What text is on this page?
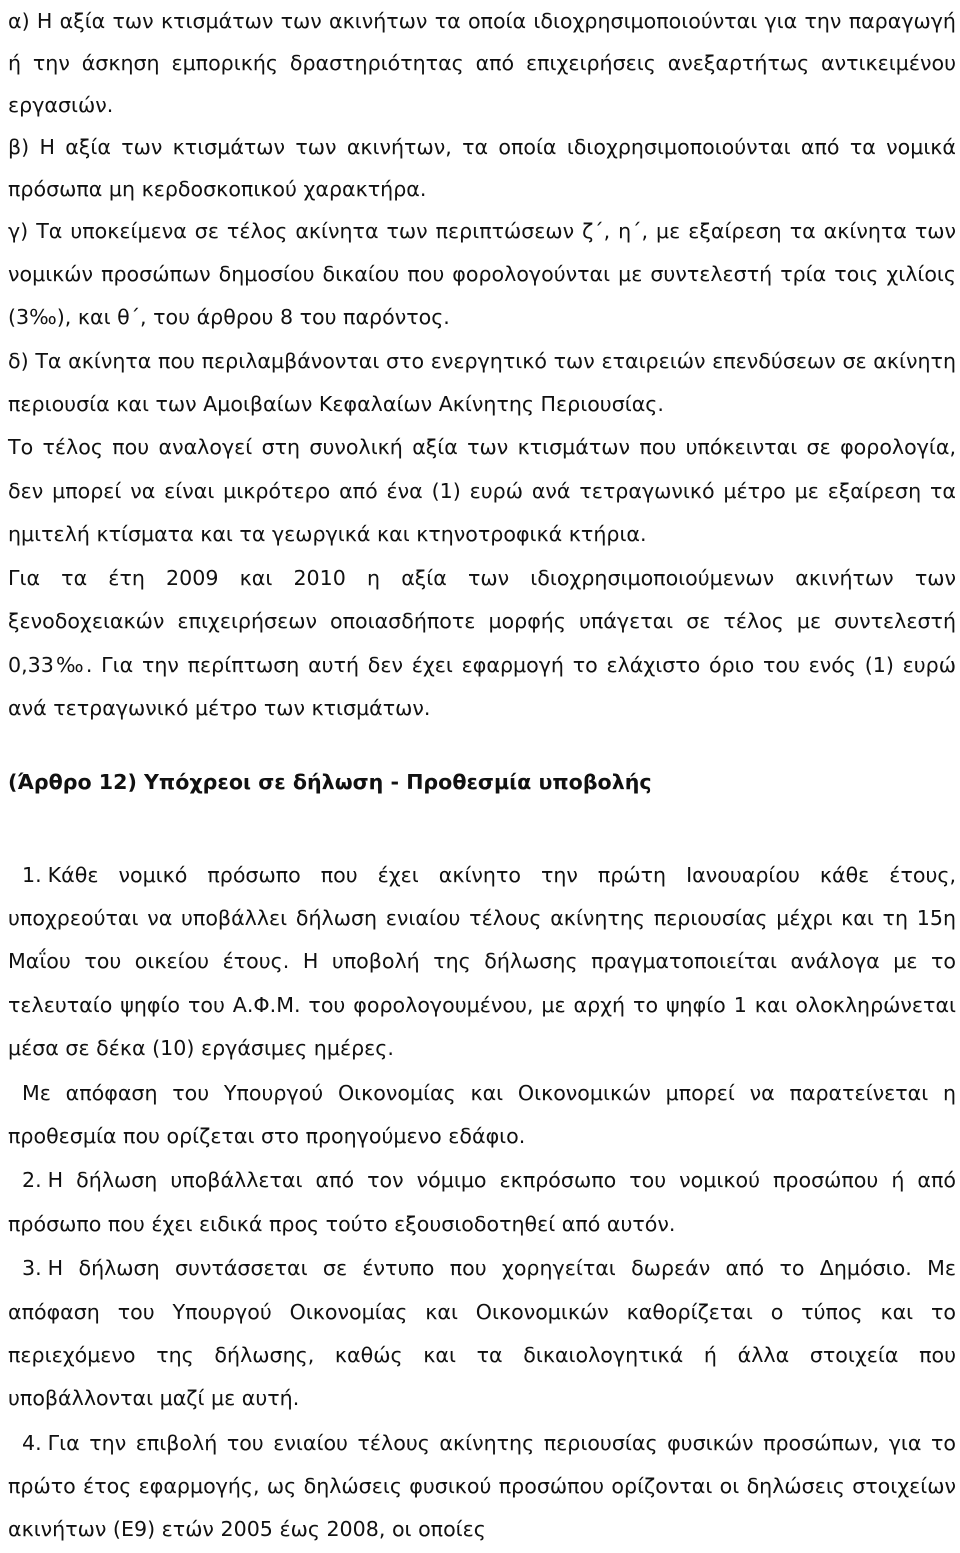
α) Η αξία των κτισμάτων των ακινήτων τα οποία ιδιοχρησιμοποιούνται για την παραγωγή ή την άσκηση εμπορικής δραστηριότητας από επιχειρήσεις ανεξαρτήτως αντικειμένου εργασιών.

β) Η αξία των κτισμάτων των ακινήτων, τα οποία ιδιοχρησιμοποιούνται από τα νομικά πρόσωπα μη κερδοσκοπικού χαρακτήρα.

γ) Τα υποκείμενα σε τέλος ακίνητα των περιπτώσεων ζ΄, η΄, με εξαίρεση τα ακίνητα των νομικών προσώπων δημοσίου δικαίου που φορολογούνται με συντελεστή τρία τοις χιλίοις (3‰), και θ΄, του άρθρου 8 του παρόντος.

δ) Τα ακίνητα που περιλαμβάνονται στο ενεργητικό των εταιρειών επενδύσεων σε ακίνητη περιουσία και των Αμοιβαίων Κεφαλαίων Ακίνητης Περιουσίας.

Το τέλος που αναλογεί στη συνολική αξία των κτισμάτων που υπόκεινται σε φορολογία, δεν μπορεί να είναι μικρότερο από ένα (1) ευρώ ανά τετραγωνικό μέτρο με εξαίρεση τα ημιτελή κτίσματα και τα γεωργικά και κτηνοτροφικά κτήρια.

Για τα έτη 2009 και 2010 η αξία των ιδιοχρησιμοποιούμενων ακινήτων των ξενοδοχειακών επιχειρήσεων οποιασδήποτε μορφής υπάγεται σε τέλος με συντελεστή 0,33‰. Για την περίπτωση αυτή δεν έχει εφαρμογή το ελάχιστο όριο του ενός (1) ευρώ ανά τετραγωνικό μέτρο των κτισμάτων.

(Άρθρο 12) Υπόχρεοι σε δήλωση - Προθεσμία υποβολής

1. Κάθε νομικό πρόσωπο που έχει ακίνητο την πρώτη Ιανουαρίου κάθε έτους, υποχρεούται να υποβάλλει δήλωση ενιαίου τέλους ακίνητης περιουσίας μέχρι και τη 15η Μαΐου του οικείου έτους. Η υποβολή της δήλωσης πραγματοποιείται ανάλογα με το τελευταίο ψηφίο του Α.Φ.Μ. του φορολογουμένου, με αρχή το ψηφίο 1 και ολοκληρώνεται μέσα σε δέκα (10) εργάσιμες ημέρες.

Με απόφαση του Υπουργού Οικονομίας και Οικονομικών μπορεί να παρατείνεται η προθεσμία που ορίζεται στο προηγούμενο εδάφιο.

2. Η δήλωση υποβάλλεται από τον νόμιμο εκπρόσωπο του νομικού προσώπου ή από πρόσωπο που έχει ειδικά προς τούτο εξουσιοδοτηθεί από αυτόν.

3. Η δήλωση συντάσσεται σε έντυπο που χορηγείται δωρεάν από το Δημόσιο. Με απόφαση του Υπουργού Οικονομίας και Οικονομικών καθορίζεται ο τύπος και το περιεχόμενο της δήλωσης, καθώς και τα δικαιολογητικά ή άλλα στοιχεία που υποβάλλονται μαζί με αυτή.

4. Για την επιβολή του ενιαίου τέλους ακίνητης περιουσίας φυσικών προσώπων, για το πρώτο έτος εφαρμογής, ως δηλώσεις φυσικού προσώπου ορίζονται οι δηλώσεις στοιχείων ακινήτων (Ε9) ετών 2005 έως 2008, οι οποίες
